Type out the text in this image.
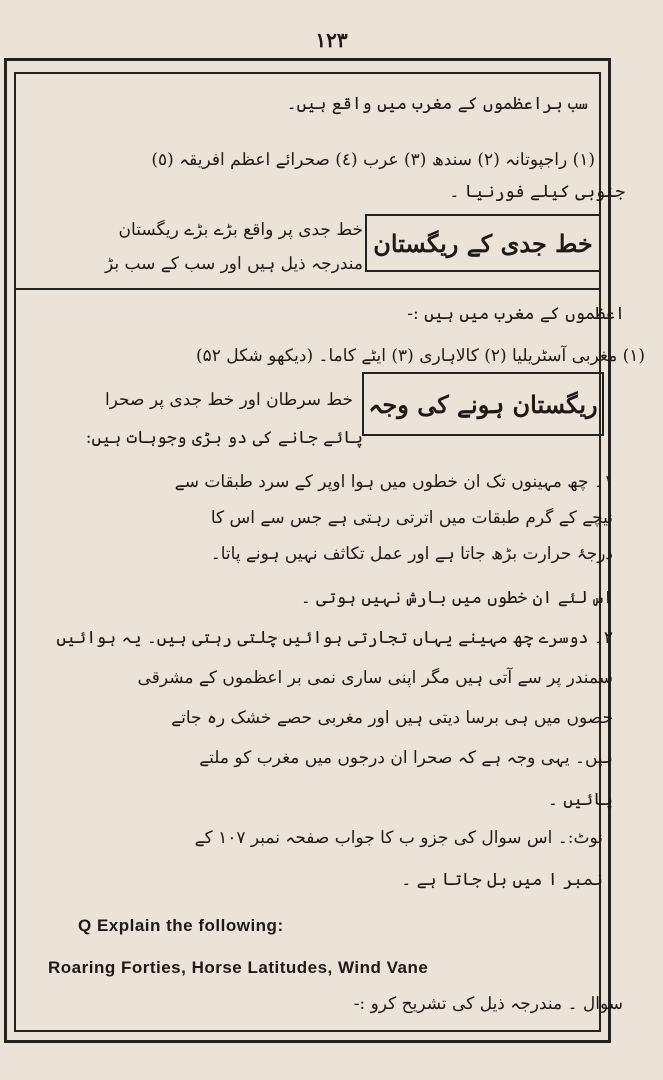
١٢٣
سب براعظموں کے مغرب میں واقع ہیں۔
(١) راجپوتانہ (٢) سندھ (٣) عرب (٤) صحرائے اعظم افریقہ (٥)
جنوبی کیلے فورنیا ۔
خط جدی کے ریگستان
خط جدی پر واقع بڑے بڑے ریگستان
مندرجہ ذیل ہیں اور سب کے سب بڑ
اعظموں کے مغرب میں ہیں :-
(١) مغربی آسٹریلیا (٢) کالاہاری (٣) ایٹے کاما۔ (دیکھو شکل ۵۲)
ریگستان ہونے کی وجہ
خط سرطان اور خط جدی پر صحرا
پائے جانے کی دو بڑی وجوہات ہیں:
١۔ چھ مہینوں تک ان خطوں میں ہوا اوپر کے سرد طبقات سے
نیچے کے گرم طبقات میں اترتی رہتی ہے جس سے اس کا
درجۂ حرارت بڑھ جاتا ہے اور عمل تکاثف نہیں ہونے پاتا۔
اس لئے ان خطوں میں بارش نہیں ہوتی ۔
٢۔ دوسرے چھ مہینے یہاں تجارتی ہوائیں چلتی رہتی ہیں۔ یہ ہوائیں
سمندر پر سے آتی ہیں مگر اپنی ساری نمی بر اعظموں کے مشرقی
حصوں میں ہی برسا دیتی ہیں اور مغربی حصے خشک رہ جاتے
ہیں۔ یہی وجہ ہے کہ صحرا ان درجوں میں مغرب کو ملتے
پائیں ۔
نوٹ:۔ اس سوال کی جزو ب کا جواب صفحہ نمبر ١٠٧ کے
نمبر ا میں بل جاتا ہے ۔
Q Explain the following:
Roaring Forties, Horse Latitudes, Wind Vane
سوال ۔ مندرجہ ذیل کی تشریح کرو :-
